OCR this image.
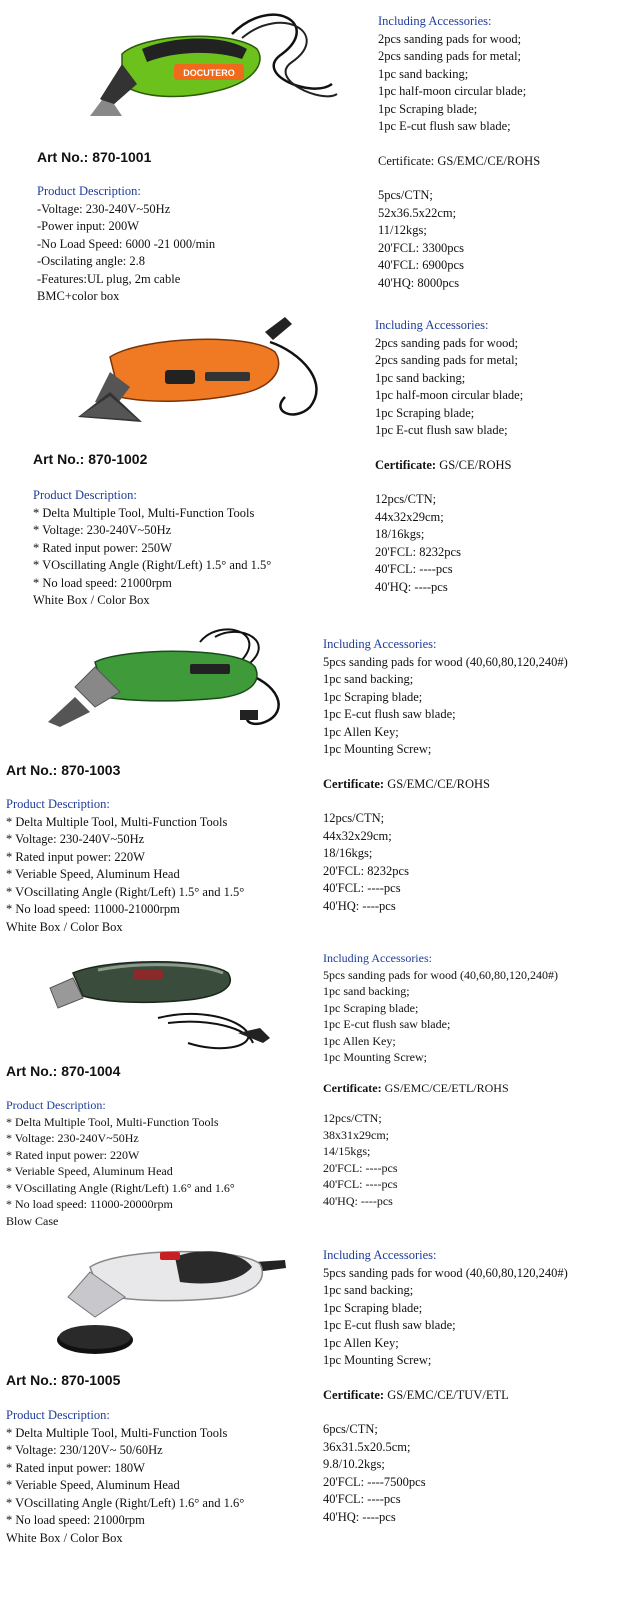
DOCUTERO
Art No.: 870-1001
Product Description:
-Voltage: 230-240V~50Hz
-Power input: 200W
-No Load Speed: 6000 -21 000/min
-Oscilating angle: 2.8
-Features:UL plug, 2m cable
BMC+color box
Including Accessories:
2pcs sanding pads for wood;
2pcs sanding pads for metal;
1pc sand backing;
1pc half-moon circular blade;
1pc Scraping blade;
1pc E-cut flush saw blade;
Certificate: GS/EMC/CE/ROHS
5pcs/CTN;
52x36.5x22cm;
11/12kgs;
20'FCL: 3300pcs
40'FCL: 6900pcs
40'HQ: 8000pcs
Art No.: 870-1002
Product Description:
* Delta Multiple Tool, Multi-Function Tools
* Voltage: 230-240V~50Hz
* Rated input power: 250W
* VOscillating Angle (Right/Left) 1.5° and 1.5°
* No load speed: 21000rpm
White Box / Color Box
Including Accessories:
2pcs sanding pads for wood;
2pcs sanding pads for metal;
1pc sand backing;
1pc half-moon circular blade;
1pc Scraping blade;
1pc E-cut flush saw blade;
Certificate: GS/CE/ROHS
12pcs/CTN;
44x32x29cm;
18/16kgs;
20'FCL: 8232pcs
40'FCL: ----pcs
40'HQ: ----pcs
Art No.: 870-1003
Product Description:
* Delta Multiple Tool, Multi-Function Tools
* Voltage: 230-240V~50Hz
* Rated input power: 220W
* Veriable Speed, Aluminum Head
* VOscillating Angle (Right/Left) 1.5° and 1.5°
* No load speed: 11000-21000rpm
White Box / Color Box
Including Accessories:
5pcs sanding pads for wood (40,60,80,120,240#)
1pc sand backing;
1pc Scraping blade;
1pc E-cut flush saw blade;
1pc Allen Key;
1pc Mounting Screw;
Certificate: GS/EMC/CE/ROHS
12pcs/CTN;
44x32x29cm;
18/16kgs;
20'FCL: 8232pcs
40'FCL: ----pcs
40'HQ: ----pcs
Art No.: 870-1004
Product Description:
* Delta Multiple Tool, Multi-Function Tools
* Voltage: 230-240V~50Hz
* Rated input power: 220W
* Veriable Speed, Aluminum Head
* VOscillating Angle (Right/Left) 1.6° and 1.6°
* No load speed: 11000-20000rpm
Blow Case
Including Accessories:
5pcs sanding pads for wood (40,60,80,120,240#)
1pc sand backing;
1pc Scraping blade;
1pc E-cut flush saw blade;
1pc Allen Key;
1pc Mounting Screw;
Certificate: GS/EMC/CE/ETL/ROHS
12pcs/CTN;
38x31x29cm;
14/15kgs;
20'FCL: ----pcs
40'FCL: ----pcs
40'HQ: ----pcs
Art No.: 870-1005
Product Description:
* Delta Multiple Tool, Multi-Function Tools
* Voltage: 230/120V~ 50/60Hz
* Rated input power: 180W
* Veriable Speed, Aluminum Head
* VOscillating Angle (Right/Left) 1.6° and 1.6°
* No load speed: 21000rpm
White Box / Color Box
Including Accessories:
5pcs sanding pads for wood (40,60,80,120,240#)
1pc sand backing;
1pc Scraping blade;
1pc E-cut flush saw blade;
1pc Allen Key;
1pc Mounting Screw;
Certificate: GS/EMC/CE/TUV/ETL
6pcs/CTN;
36x31.5x20.5cm;
9.8/10.2kgs;
20'FCL: ----7500pcs
40'FCL: ----pcs
40'HQ: ----pcs
